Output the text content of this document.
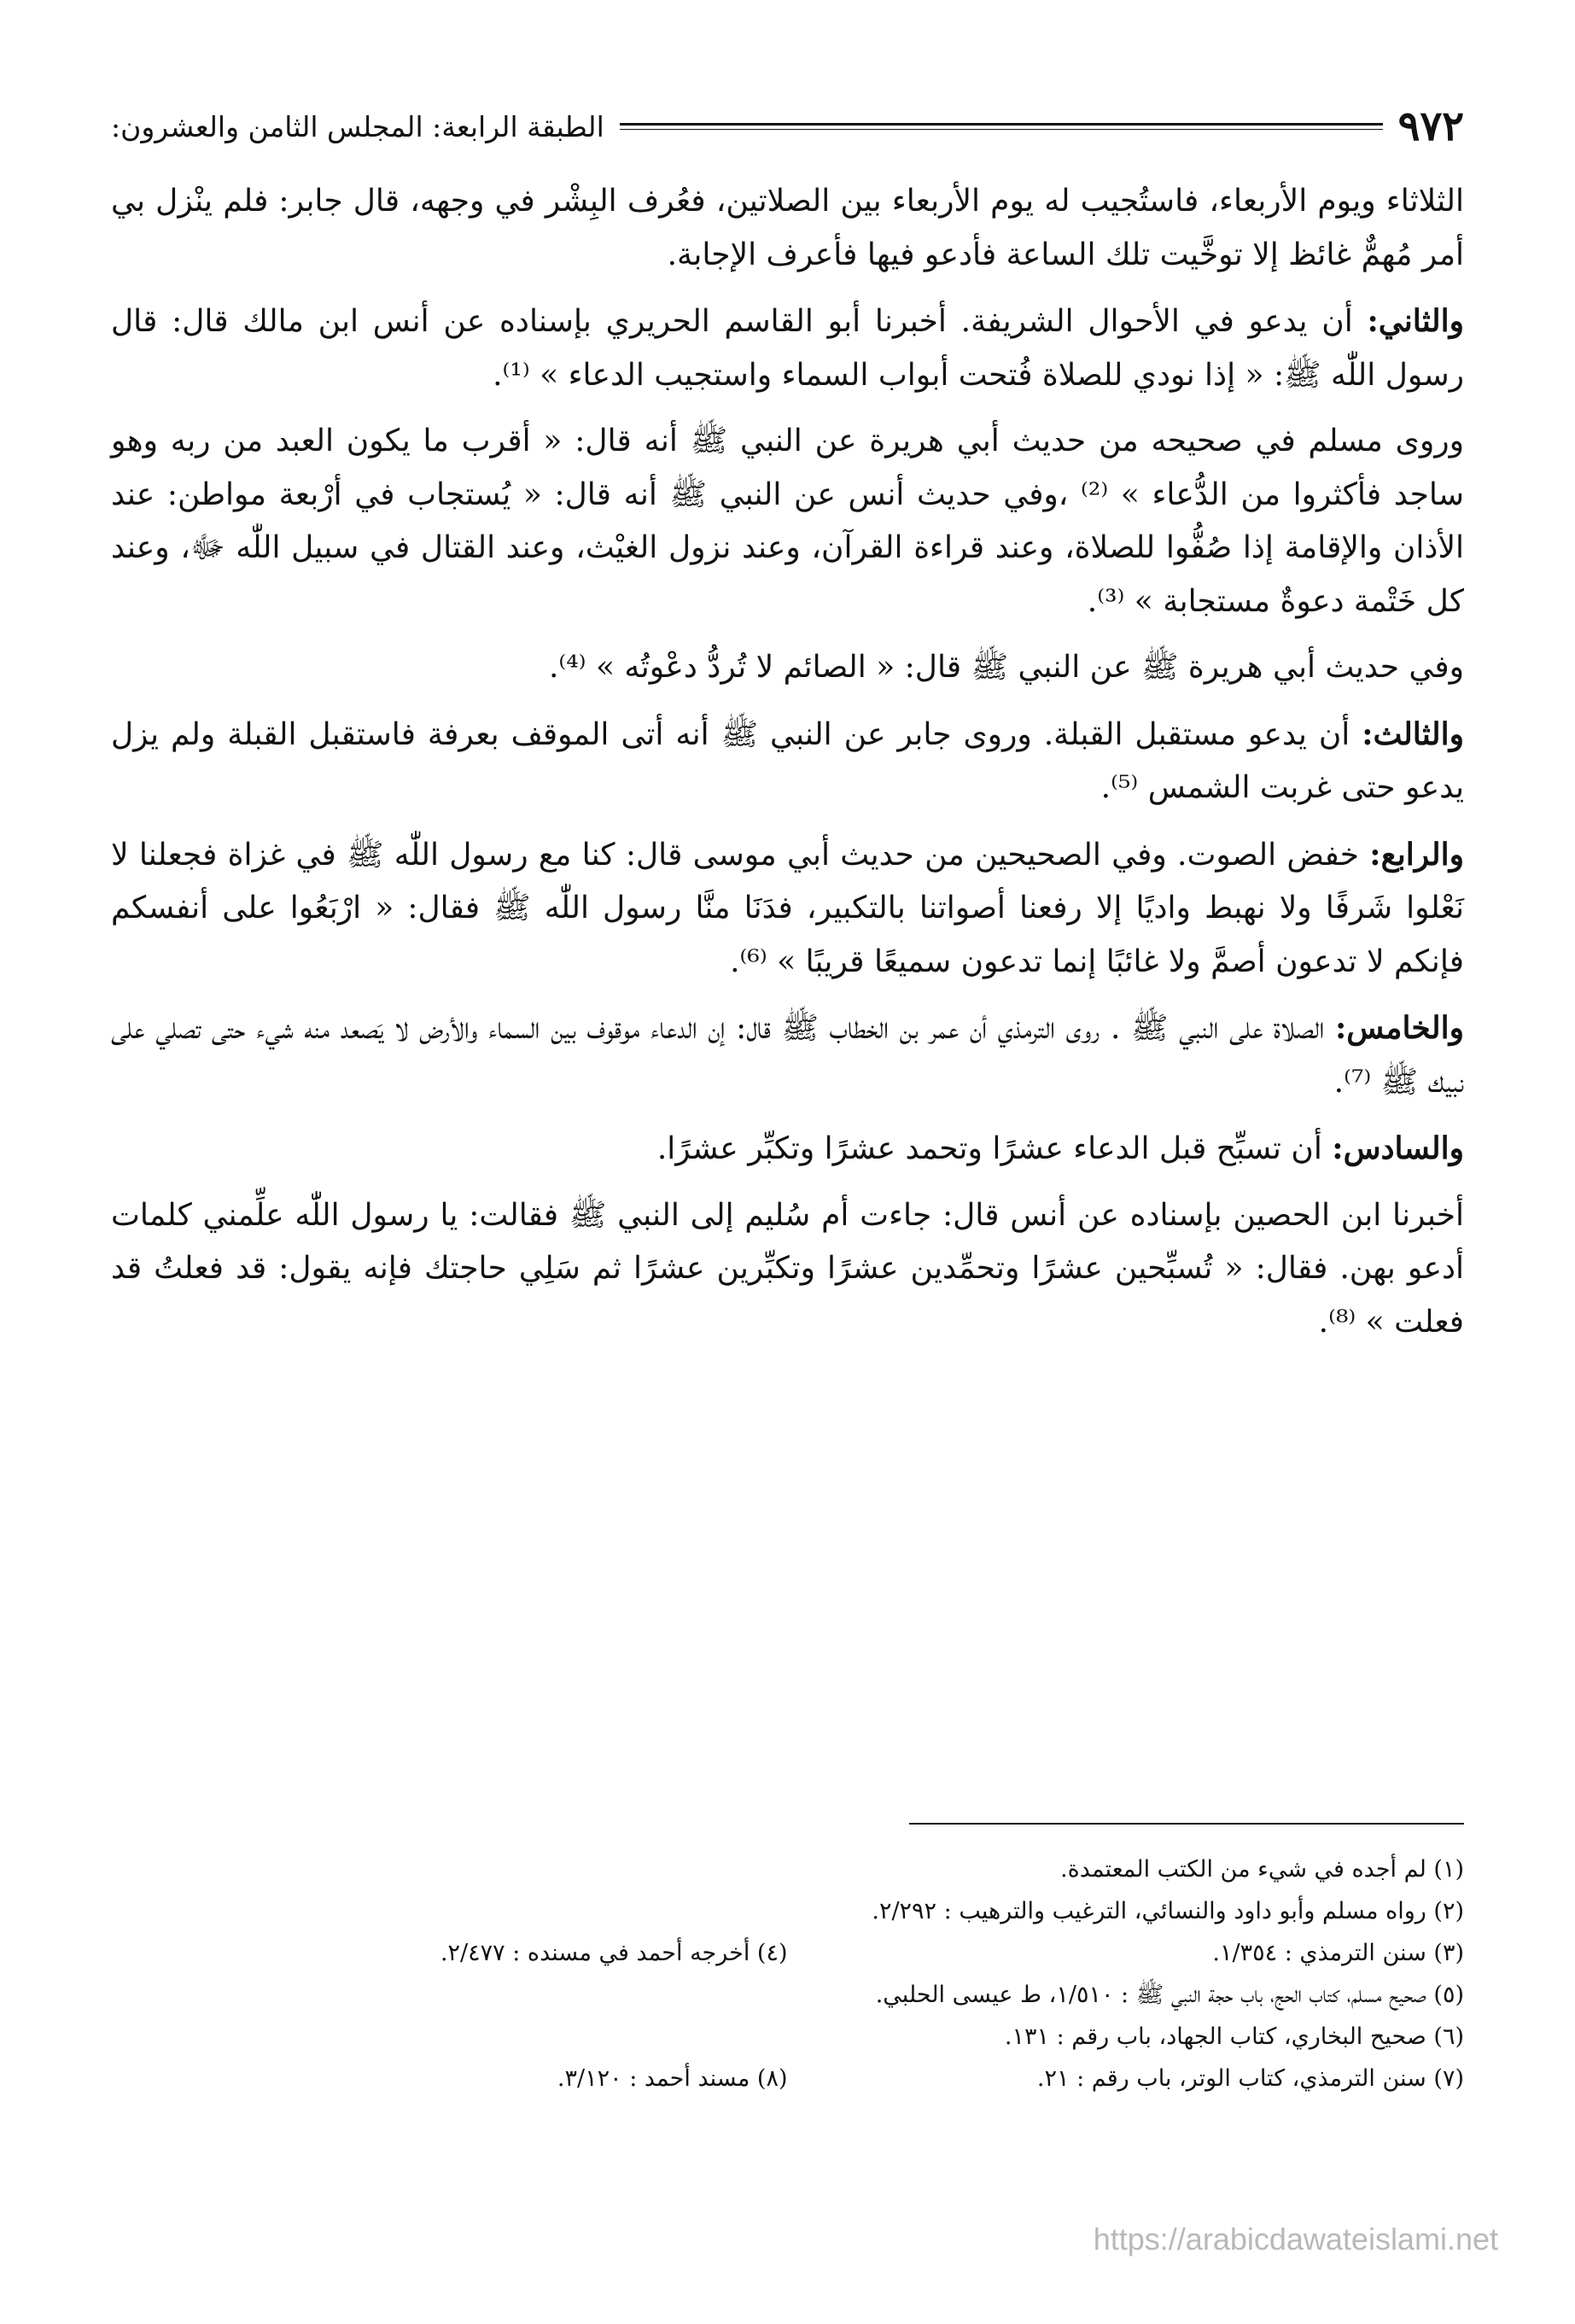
٩٧٢
الطبقة الرابعة: المجلس الثامن والعشرون:

الثلاثاء ويوم الأربعاء، فاستُجيب له يوم الأربعاء بين الصلاتين، فعُرف البِشْر في وجهه، قال جابر: فلم ينْزل بي أمر مُهمٌّ غائظ إلا توخَّيت تلك الساعة فأدعو فيها فأعرف الإجابة.

والثاني: أن يدعو في الأحوال الشريفة. أخبرنا أبو القاسم الحريري بإسناده عن أنس ابن مالك قال: قال رسول اللّٰه ﷺ: « إذا نودي للصلاة فُتحت أبواب السماء واستجيب الدعاء » ⁽¹⁾.

وروى مسلم في صحيحه من حديث أبي هريرة عن النبي ﷺ أنه قال: « أقرب ما يكون العبد من ربه وهو ساجد فأكثروا من الدُّعاء » ⁽²⁾ ،وفي حديث أنس عن النبي ﷺ أنه قال: « يُستجاب في أرْبعة مواطن: عند الأذان والإقامة إذا صُفُّوا للصلاة، وعند قراءة القرآن، وعند نزول الغيْث، وعند القتال في سبيل اللّٰه ﷻ، وعند كل خَتْمة دعوةٌ مستجابة » ⁽³⁾.

وفي حديث أبي هريرة ﷺ عن النبي ﷺ قال: « الصائم لا تُردُّ دعْوتُه » ⁽⁴⁾.

والثالث: أن يدعو مستقبل القبلة. وروى جابر عن النبي ﷺ أنه أتى الموقف بعرفة فاستقبل القبلة ولم يزل يدعو حتى غربت الشمس ⁽⁵⁾.

والرابع: خفض الصوت. وفي الصحيحين من حديث أبي موسى قال: كنا مع رسول اللّٰه ﷺ في غزاة فجعلنا لا نَعْلوا شَرفًا ولا نهبط واديًا إلا رفعنا أصواتنا بالتكبير، فدَنَا منَّا رسول اللّٰه ﷺ فقال: « ارْبَعُوا على أنفسكم فإنكم لا تدعون أصمَّ ولا غائبًا إنما تدعون سميعًا قريبًا » ⁽⁶⁾.

والخامس: الصلاة على النبي ﷺ . روى الترمذي أن عمر بن الخطاب ﷺ قال: إن الدعاء موقوف بين السماء والأرض لا يَصعد منه شيء حتى تصلي على نبيك ﷺ ⁽⁷⁾.

والسادس: أن تسبِّح قبل الدعاء عشرًا وتحمد عشرًا وتكبِّر عشرًا.

أخبرنا ابن الحصين بإسناده عن أنس قال: جاءت أم سُليم إلى النبي ﷺ فقالت: يا رسول اللّٰه علِّمني كلمات أدعو بهن. فقال: « تُسبِّحين عشرًا وتحمِّدين عشرًا وتكبِّرين عشرًا ثم سَلِي حاجتك فإنه يقول: قد فعلتُ قد فعلت » ⁽⁸⁾.

(١) لم أجده في شيء من الكتب المعتمدة.
(٢) رواه مسلم وأبو داود والنسائي، الترغيب والترهيب : ٢/٢٩٢.
(٣) سنن الترمذي : ١/٣٥٤.
(٤) أخرجه أحمد في مسنده : ٢/٤٧٧.
(٥) صحيح مسلم، كتاب الحج، باب حجة النبي ﷺ : ١/٥١٠، ط عيسى الحلبي.
(٦) صحيح البخاري، كتاب الجهاد، باب رقم : ١٣١.
(٧) سنن الترمذي، كتاب الوتر، باب رقم : ٢١.
(٨) مسند أحمد : ٣/١٢٠.
https://arabicdawateislami.net
